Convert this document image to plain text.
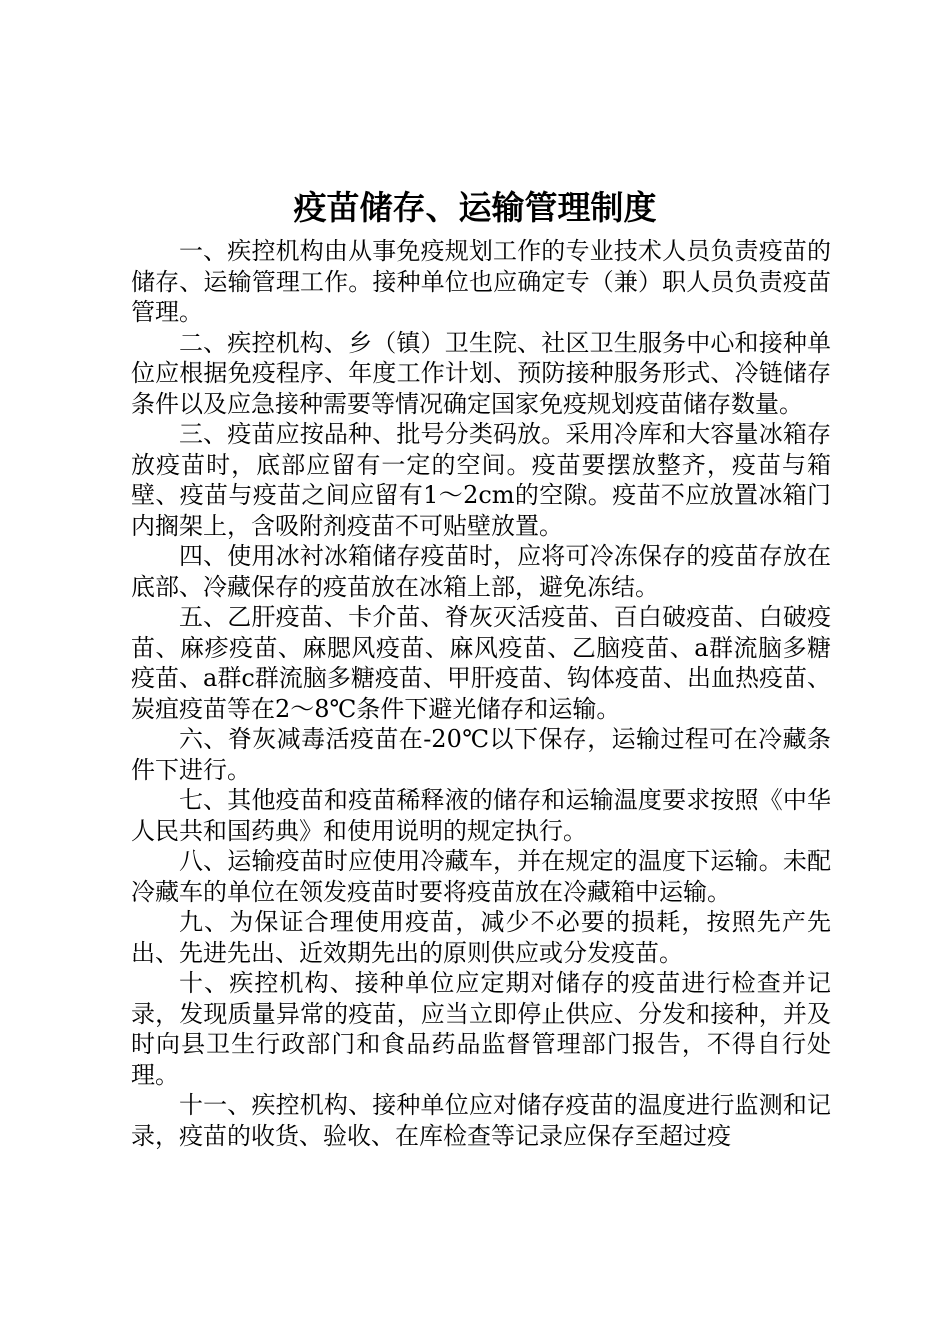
疫苗储存、运输管理制度

一、疾控机构由从事免疫规划工作的专业技术人员负责疫苗的储存、运输管理工作。接种单位也应确定专（兼）职人员负责疫苗管理。

二、疾控机构、乡（镇）卫生院、社区卫生服务中心和接种单位应根据免疫程序、年度工作计划、预防接种服务形式、冷链储存条件以及应急接种需要等情况确定国家免疫规划疫苗储存数量。

三、疫苗应按品种、批号分类码放。采用冷库和大容量冰箱存放疫苗时，底部应留有一定的空间。疫苗要摆放整齐，疫苗与箱壁、疫苗与疫苗之间应留有1～2cm的空隙。疫苗不应放置冰箱门内搁架上，含吸附剂疫苗不可贴壁放置。

四、使用冰衬冰箱储存疫苗时，应将可冷冻保存的疫苗存放在底部、冷藏保存的疫苗放在冰箱上部，避免冻结。

五、乙肝疫苗、卡介苗、脊灰灭活疫苗、百白破疫苗、白破疫苗、麻疹疫苗、麻腮风疫苗、麻风疫苗、乙脑疫苗、a群流脑多糖疫苗、a群c群流脑多糖疫苗、甲肝疫苗、钩体疫苗、出血热疫苗、炭疽疫苗等在2～8℃条件下避光储存和运输。

六、脊灰减毒活疫苗在-20℃以下保存，运输过程可在冷藏条件下进行。

七、其他疫苗和疫苗稀释液的储存和运输温度要求按照《中华人民共和国药典》和使用说明的规定执行。

八、运输疫苗时应使用冷藏车，并在规定的温度下运输。未配冷藏车的单位在领发疫苗时要将疫苗放在冷藏箱中运输。

九、为保证合理使用疫苗，减少不必要的损耗，按照先产先出、先进先出、近效期先出的原则供应或分发疫苗。

十、疾控机构、接种单位应定期对储存的疫苗进行检查并记录，发现质量异常的疫苗，应当立即停止供应、分发和接种，并及时向县卫生行政部门和食品药品监督管理部门报告，不得自行处理。

十一、疾控机构、接种单位应对储存疫苗的温度进行监测和记录，疫苗的收货、验收、在库检查等记录应保存至超过疫
